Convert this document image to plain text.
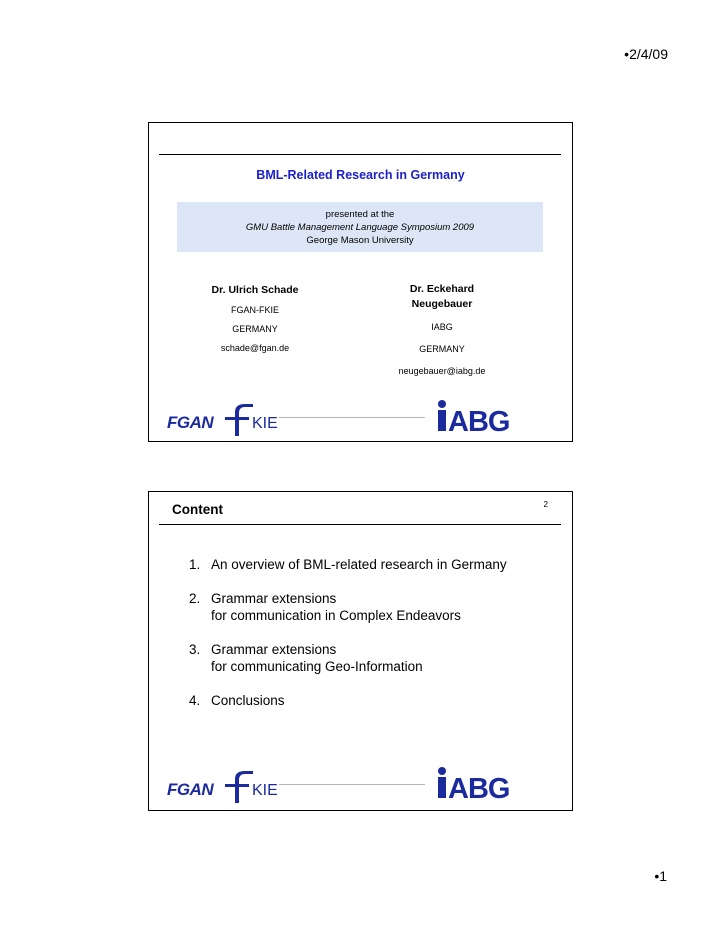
•2/4/09
BML-Related Research in Germany
presented at the
GMU Battle Management Language Symposium 2009
George Mason University
Dr. Ulrich Schade
FGAN-FKIE
GERMANY
schade@fgan.de
Dr. Eckehard
Neugebauer
IABG
GERMANY
neugebauer@iabg.de
FGAN KIE	ABG
Content	2
1. An overview of BML-related research in Germany
2. Grammar extensions
for communication in Complex Endeavors
3. Grammar extensions
for communicating Geo-Information
4. Conclusions
FGAN KIE	ABG
•1
